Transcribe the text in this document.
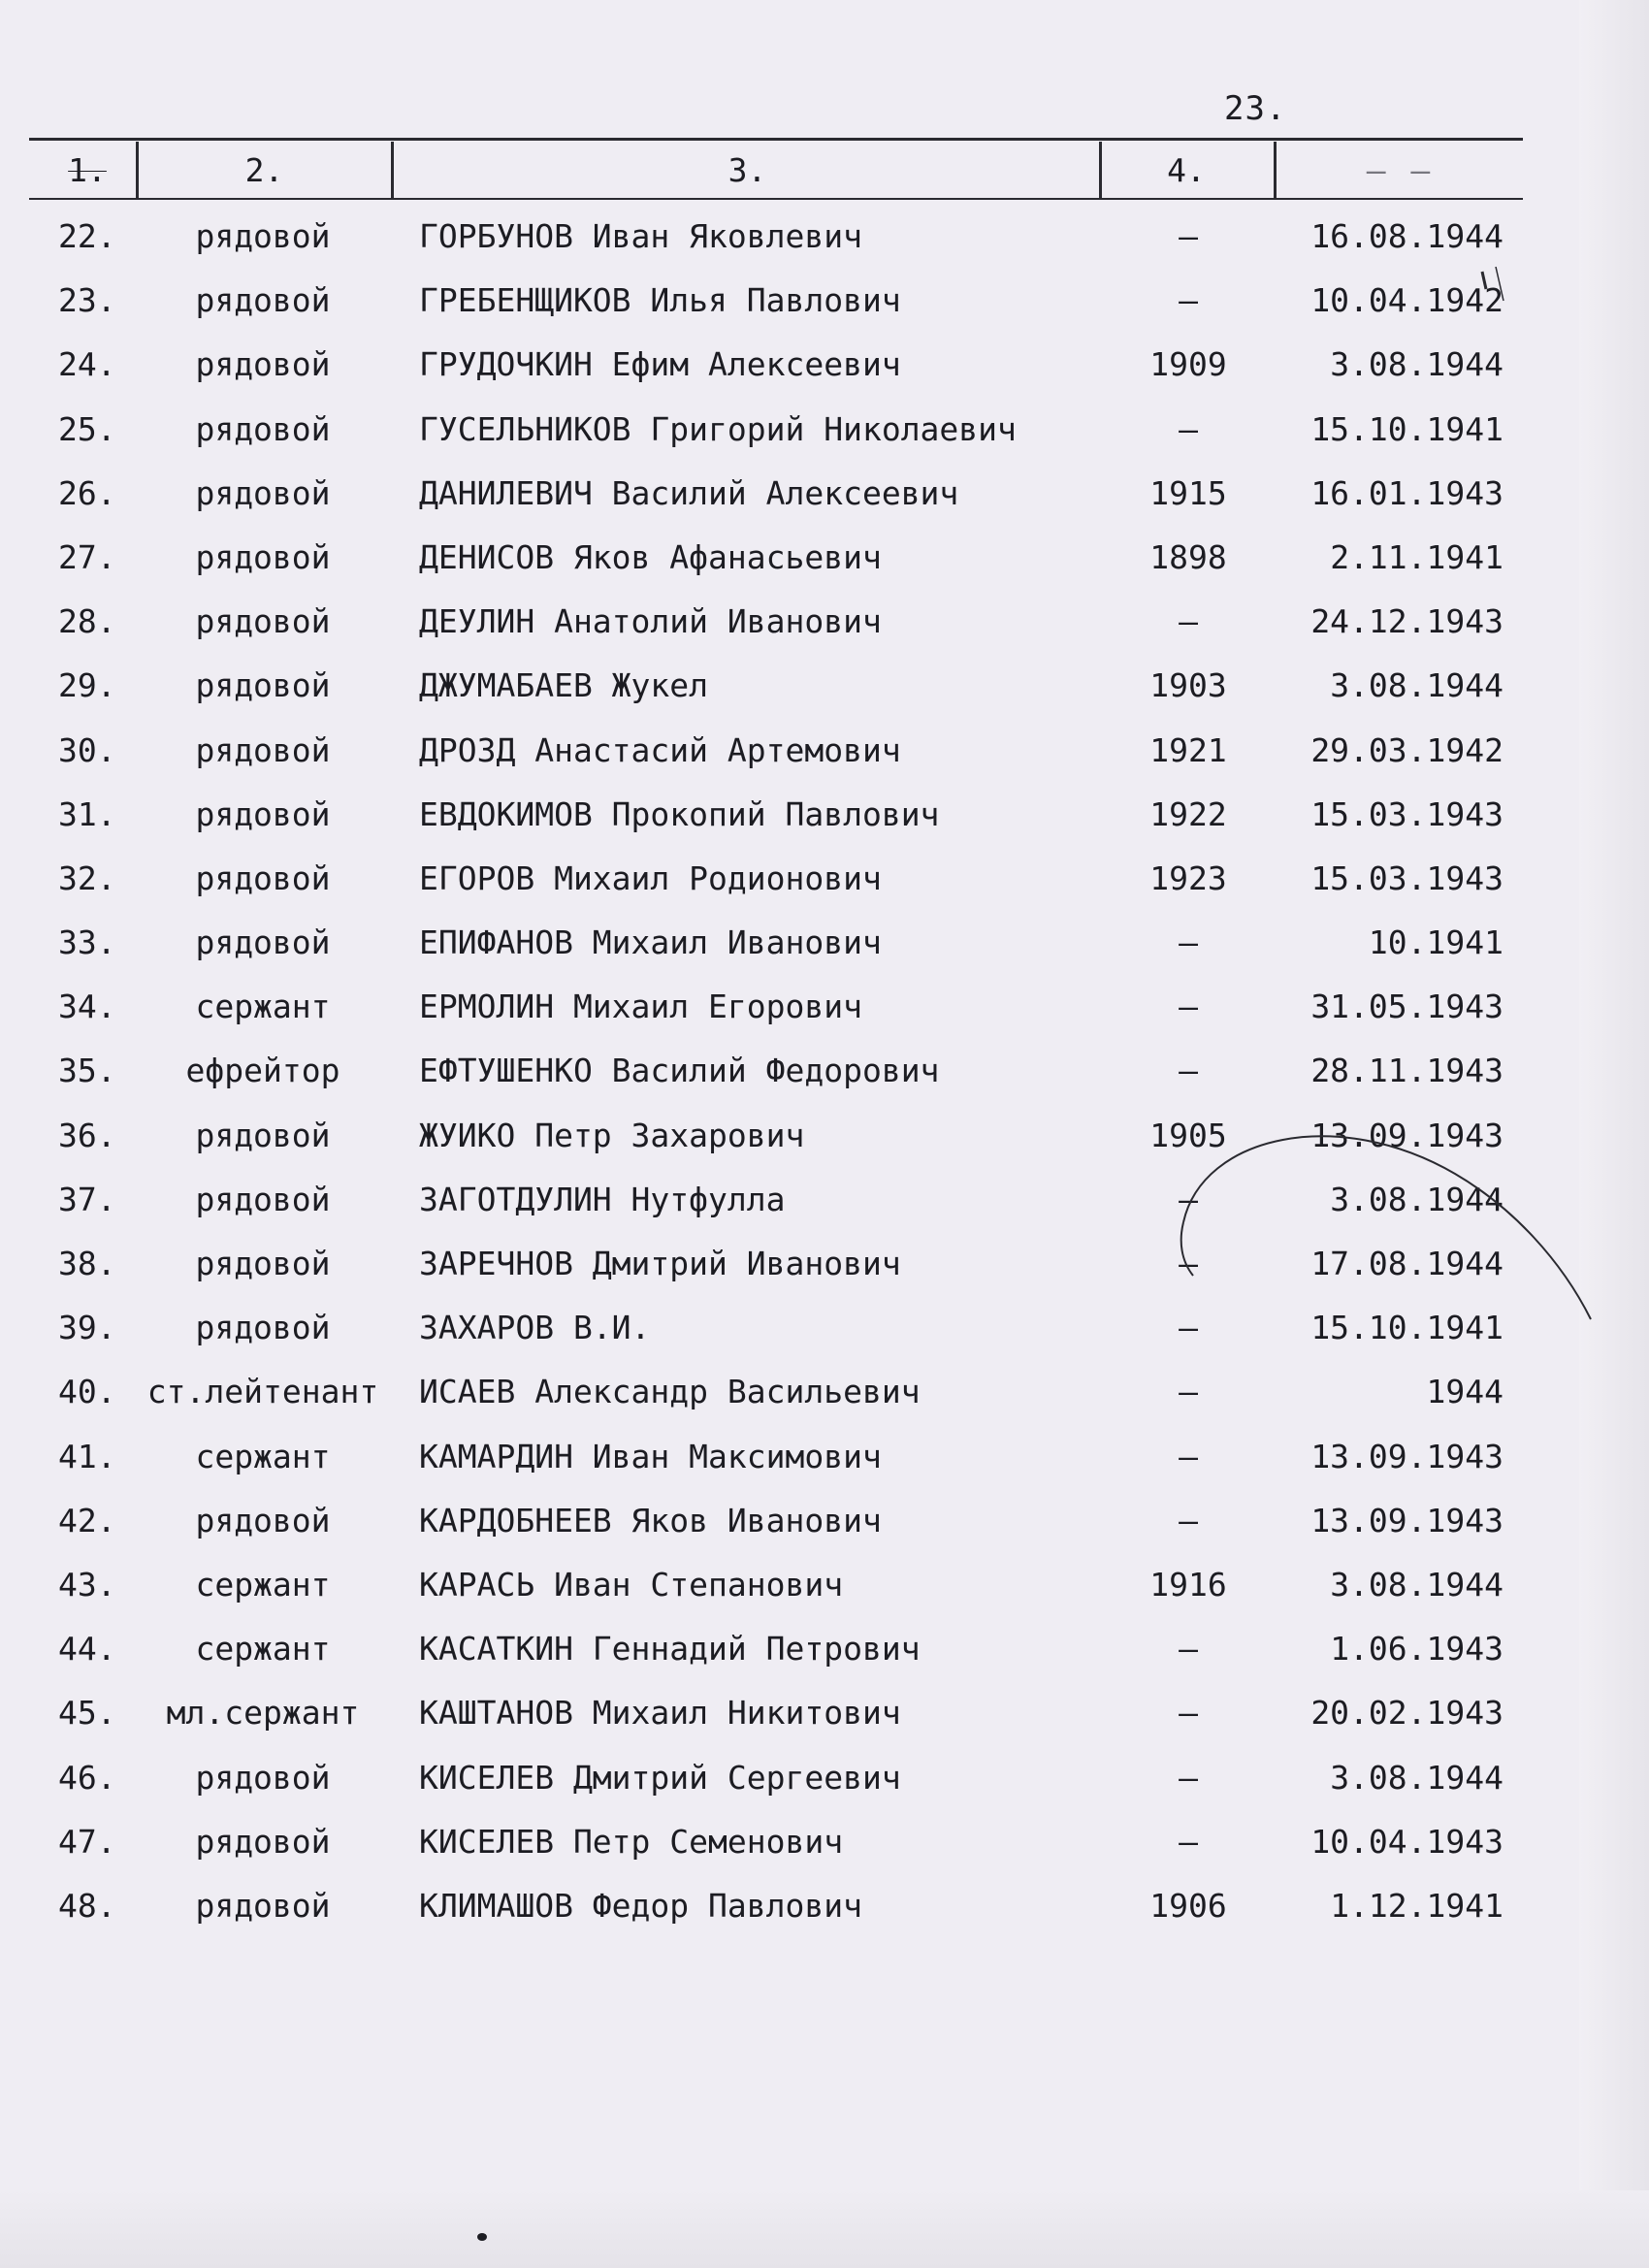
23.
1.	2.	3.	4.	— —
22.	рядовой	ГОРБУНОВ Иван Яковлевич	–	16.08.1944
23.	рядовой	ГРЕБЕНЩИКОВ Илья Павлович	–	10.04.1942
24.	рядовой	ГРУДОЧКИН Ефим Алексеевич	1909	3.08.1944
25.	рядовой	ГУСЕЛЬНИКОВ Григорий Николаевич	–	15.10.1941
26.	рядовой	ДАНИЛЕВИЧ Василий Алексеевич	1915	16.01.1943
27.	рядовой	ДЕНИСОВ Яков Афанасьевич	1898	2.11.1941
28.	рядовой	ДЕУЛИН Анатолий Иванович	–	24.12.1943
29.	рядовой	ДЖУМАБАЕВ Жукел	1903	3.08.1944
30.	рядовой	ДРОЗД Анастасий Артемович	1921	29.03.1942
31.	рядовой	ЕВДОКИМОВ Прокопий Павлович	1922	15.03.1943
32.	рядовой	ЕГОРОВ Михаил Родионович	1923	15.03.1943
33.	рядовой	ЕПИФАНОВ Михаил Иванович	–	10.1941
34.	сержант	ЕРМОЛИН Михаил Егорович	–	31.05.1943
35.	ефрейтор	ЕФТУШЕНКО Василий Федорович	–	28.11.1943
36.	рядовой	ЖУИКО Петр Захарович	1905	13.09.1943
37.	рядовой	ЗАГОТДУЛИН Нутфулла	–	3.08.1944
38.	рядовой	ЗАРЕЧНОВ Дмитрий Иванович	–	17.08.1944
39.	рядовой	ЗАХАРОВ В.И.	–	15.10.1941
40. ст.лейтенант	ИСАЕВ Александр Васильевич	–	1944
41.	сержант	КАМАРДИН Иван Максимович	–	13.09.1943
42.	рядовой	КАРДОБНЕЕВ Яков Иванович	–	13.09.1943
43.	сержант	КАРАСЬ Иван Степанович	1916	3.08.1944
44.	сержант	КАСАТКИН Геннадий Петрович	–	1.06.1943
45.	мл.сержант	КАШТАНОВ Михаил Никитович	–	20.02.1943
46.	рядовой	КИСЕЛЕВ Дмитрий Сергеевич	–	3.08.1944
47.	рядовой	КИСЕЛЕВ Петр Семенович	–	10.04.1943
48.	рядовой	КЛИМАШОВ Федор Павлович	1906	1.12.1941
